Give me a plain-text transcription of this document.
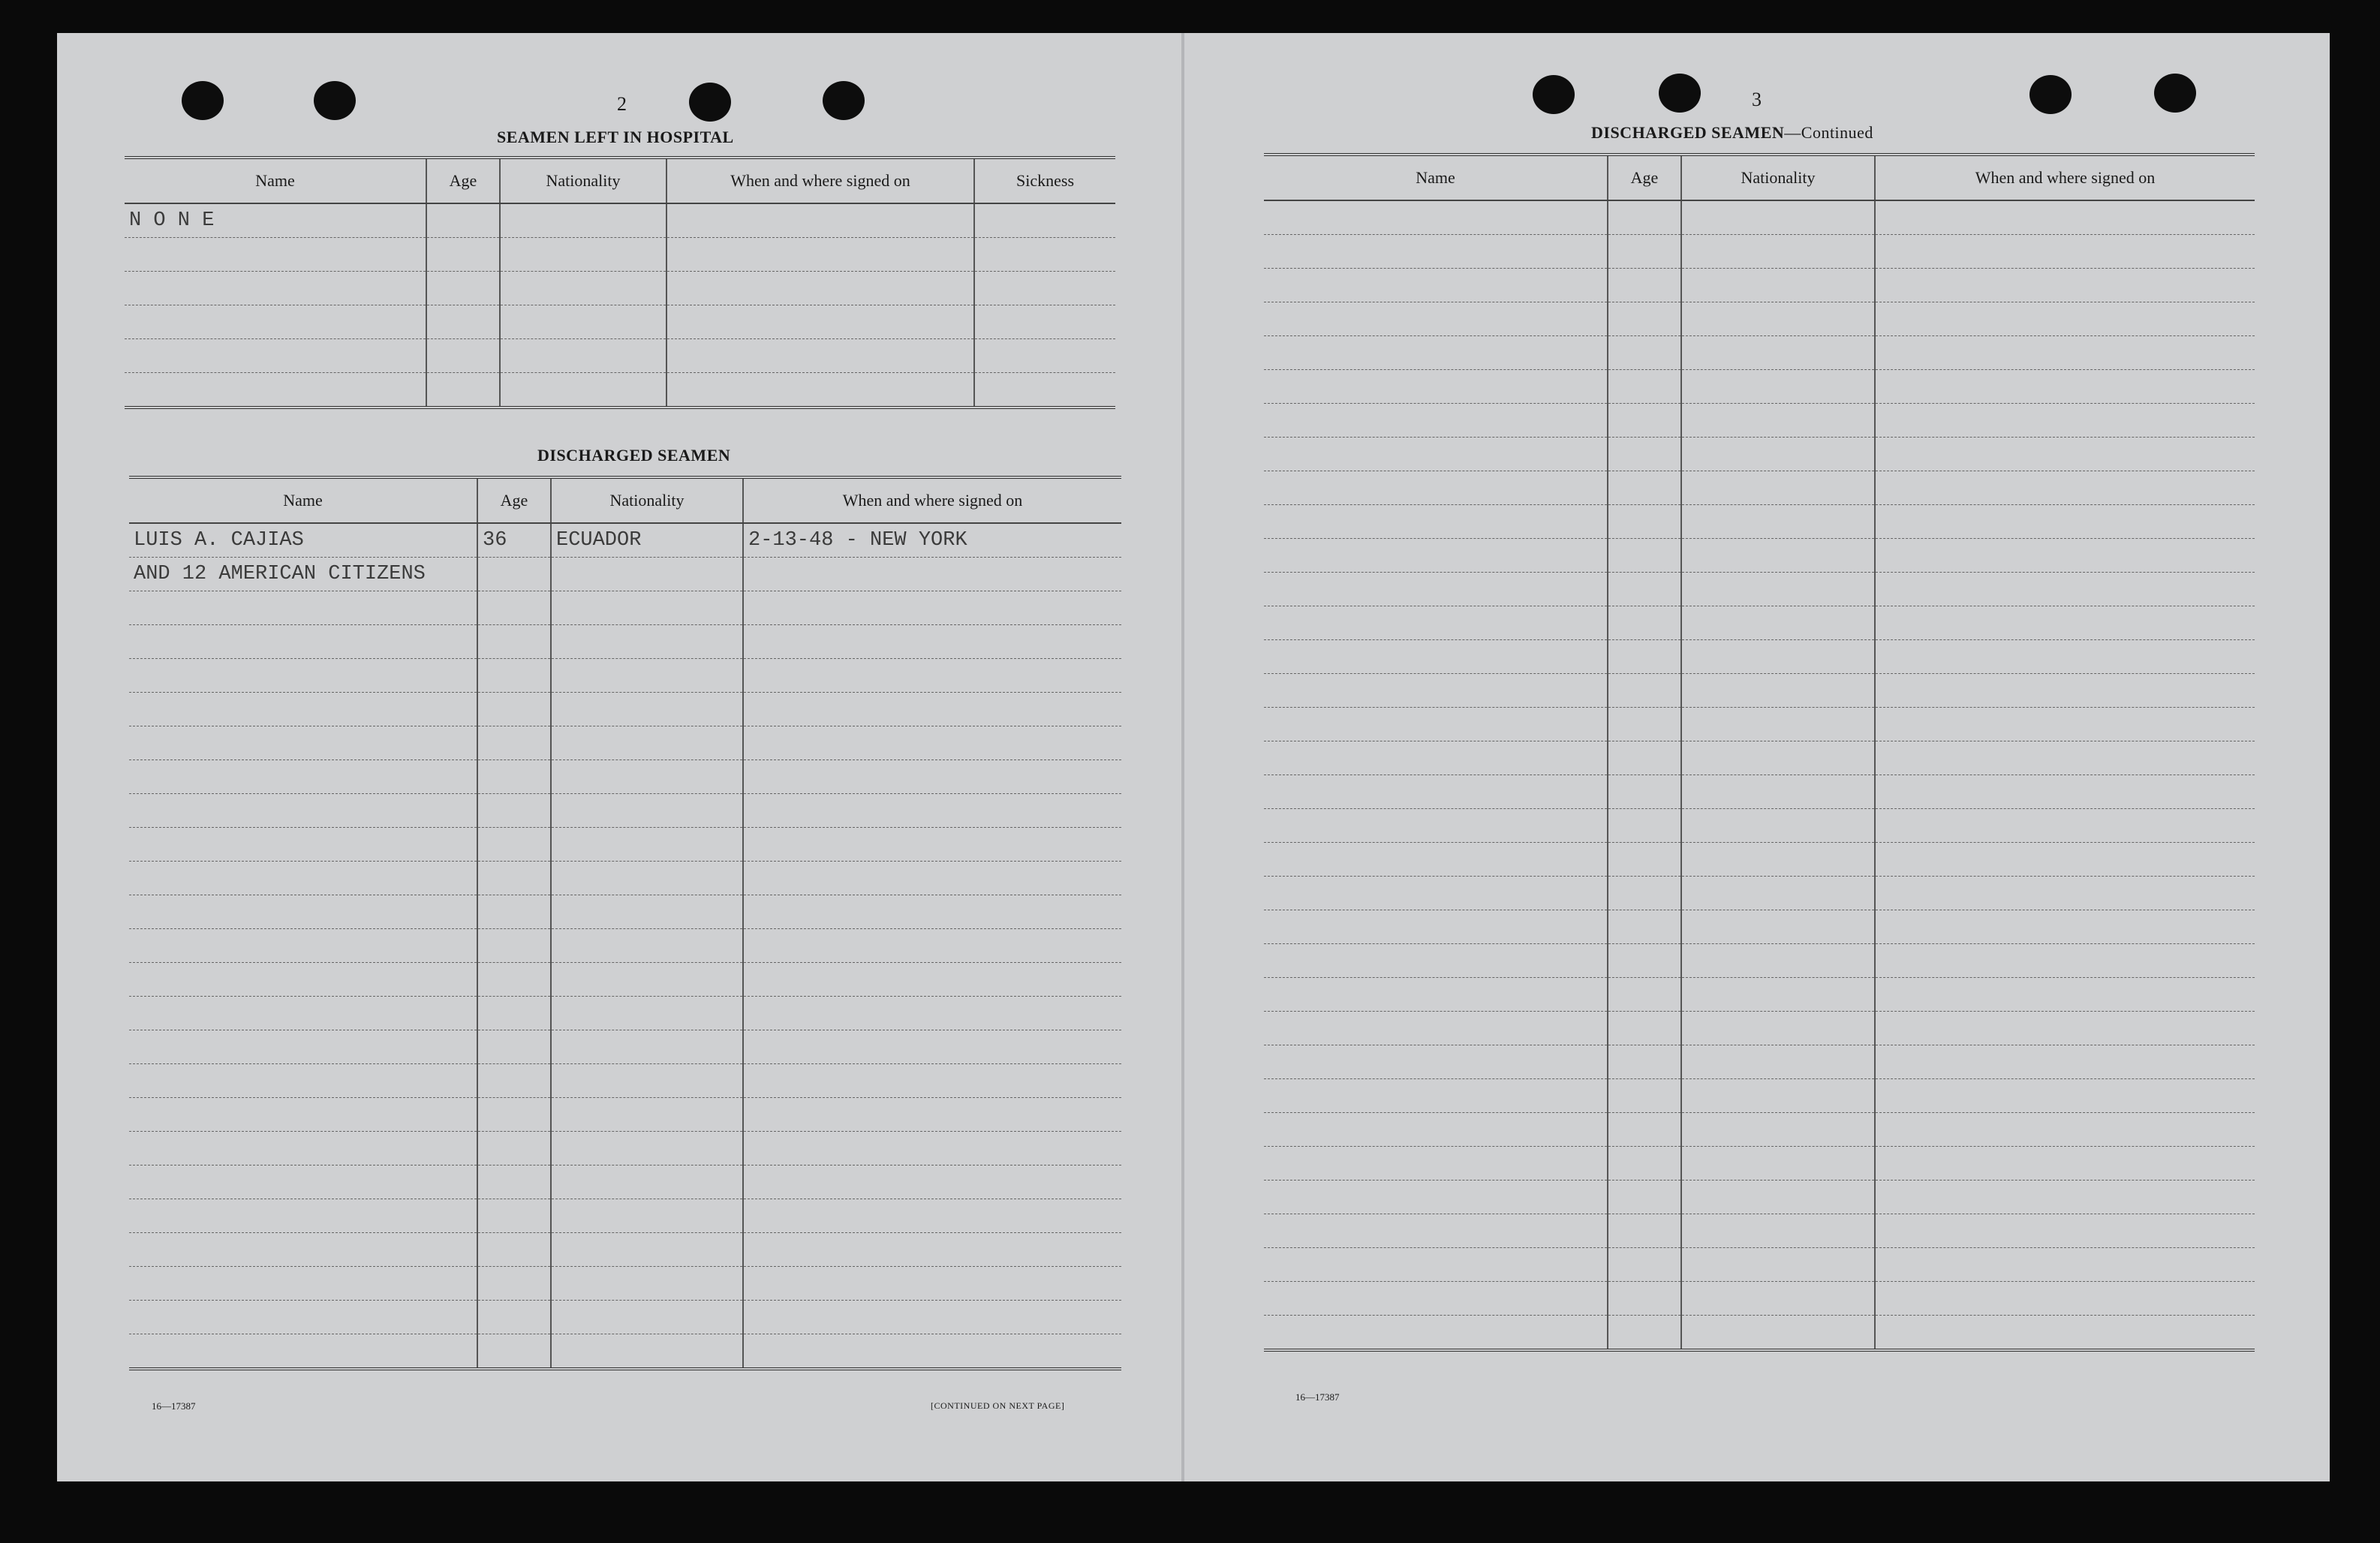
2
SEAMEN LEFT IN HOSPITAL
Name	Age	Nationality	When and where signed on	Sickness
N O N E				

DISCHARGED SEAMEN
Name	Age	Nationality	When and where signed on
LUIS A. CAJIAS	36	ECUADOR	2-13-48 - NEW YORK
AND 12 AMERICAN CITIZENS			

16—17387	[CONTINUED ON NEXT PAGE]
3
DISCHARGED SEAMEN—Continued
Name	Age	Nationality	When and where signed on

16—17387
